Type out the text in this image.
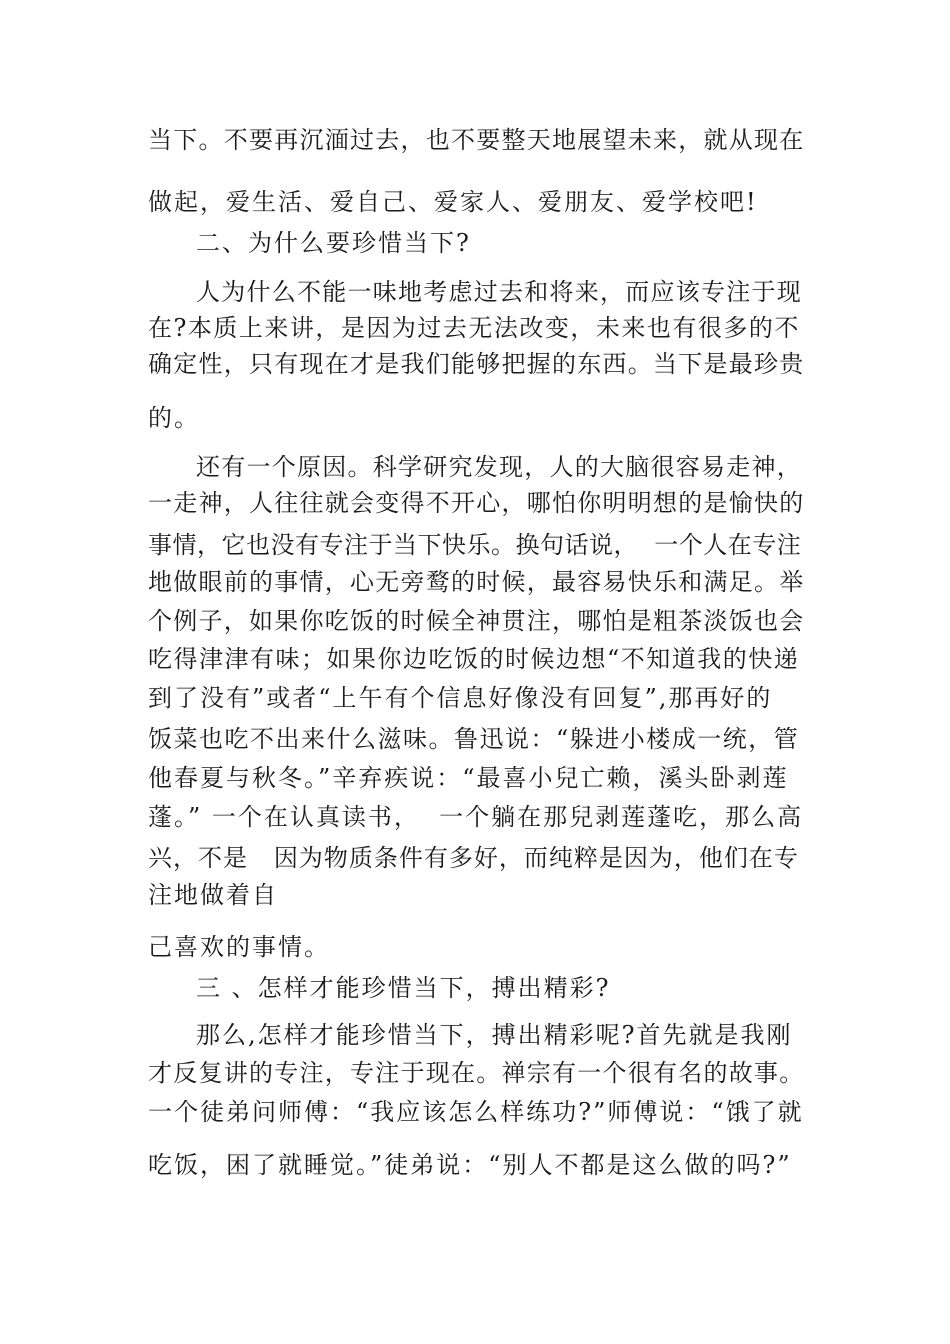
当下。不要再沉湎过去，也不要整天地展望未来，就从现在
做起，爱生活、爱自己、爱家人、爱朋友、爱学校吧!
二、为什么要珍惜当下?
人为什么不能一味地考虑过去和将来，而应该专注于现
在?本质上来讲，是因为过去无法改变，未来也有很多的不
确定性，只有现在才是我们能够把握的东西。当下是最珍贵
的。
还有一个原因。科学研究发现，人的大脑很容易走神，
一走神，人往往就会变得不开心，哪怕你明明想的是愉快的
事情，它也没有专注于当下快乐。换句话说，  一个人在专注
地做眼前的事情，心无旁鹜的时候，最容易快乐和满足。举
个例子，如果你吃饭的时候全神贯注，哪怕是粗茶淡饭也会
吃得津津有味；如果你边吃饭的时候边想“不知道我的快递
到了没有”或者“上午有个信息好像没有回复”,那再好的
饭菜也吃不出来什么滋味。鲁迅说：“躲进小楼成一统，管
他春夏与秋冬。”辛弃疾说：“最喜小兒亡赖，溪头卧剥莲
蓬。” 一个在认真读书，  一个躺在那兒剥莲蓬吃，那么高
兴，不是   因为物质条件有多好，而纯粹是因为，他们在专
注地做着自
己喜欢的事情。
三 、怎样才能珍惜当下，搏出精彩?
那么,怎样才能珍惜当下，搏出精彩呢?首先就是我刚
才反复讲的专注，专注于现在。禅宗有一个很有名的故事。
一个徒弟问师傅：“我应该怎么样练功?”师傅说：“饿了就
吃饭，困了就睡觉。”徒弟说：“别人不都是这么做的吗?”
